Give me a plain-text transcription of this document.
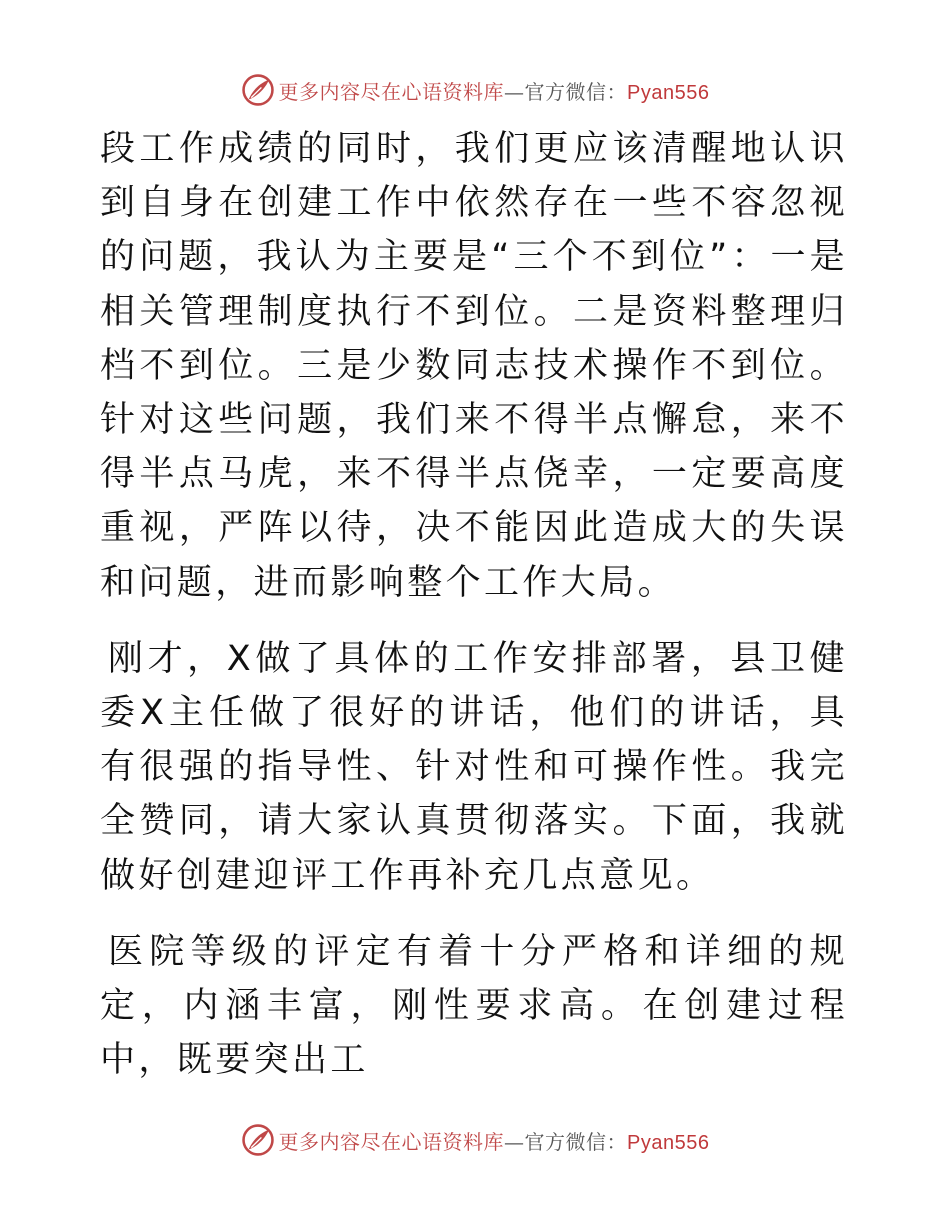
更多内容尽在心语资料库—官方微信：Pyan556

段工作成绩的同时，我们更应该清醒地认识到自身在创建工作中依然存在一些不容忽视的问题，我认为主要是“三个不到位”：一是相关管理制度执行不到位。二是资料整理归档不到位。三是少数同志技术操作不到位。针对这些问题，我们来不得半点懈怠，来不得半点马虎，来不得半点侥幸，一定要高度重视，严阵以待，决不能因此造成大的失误和问题，进而影响整个工作大局。

刚才，X做了具体的工作安排部署，县卫健委X主任做了很好的讲话，他们的讲话，具有很强的指导性、针对性和可操作性。我完全赞同，请大家认真贯彻落实。下面，我就做好创建迎评工作再补充几点意见。

医院等级的评定有着十分严格和详细的规定，内涵丰富，刚性要求高。在创建过程中，既要突出工

更多内容尽在心语资料库—官方微信：Pyan556
